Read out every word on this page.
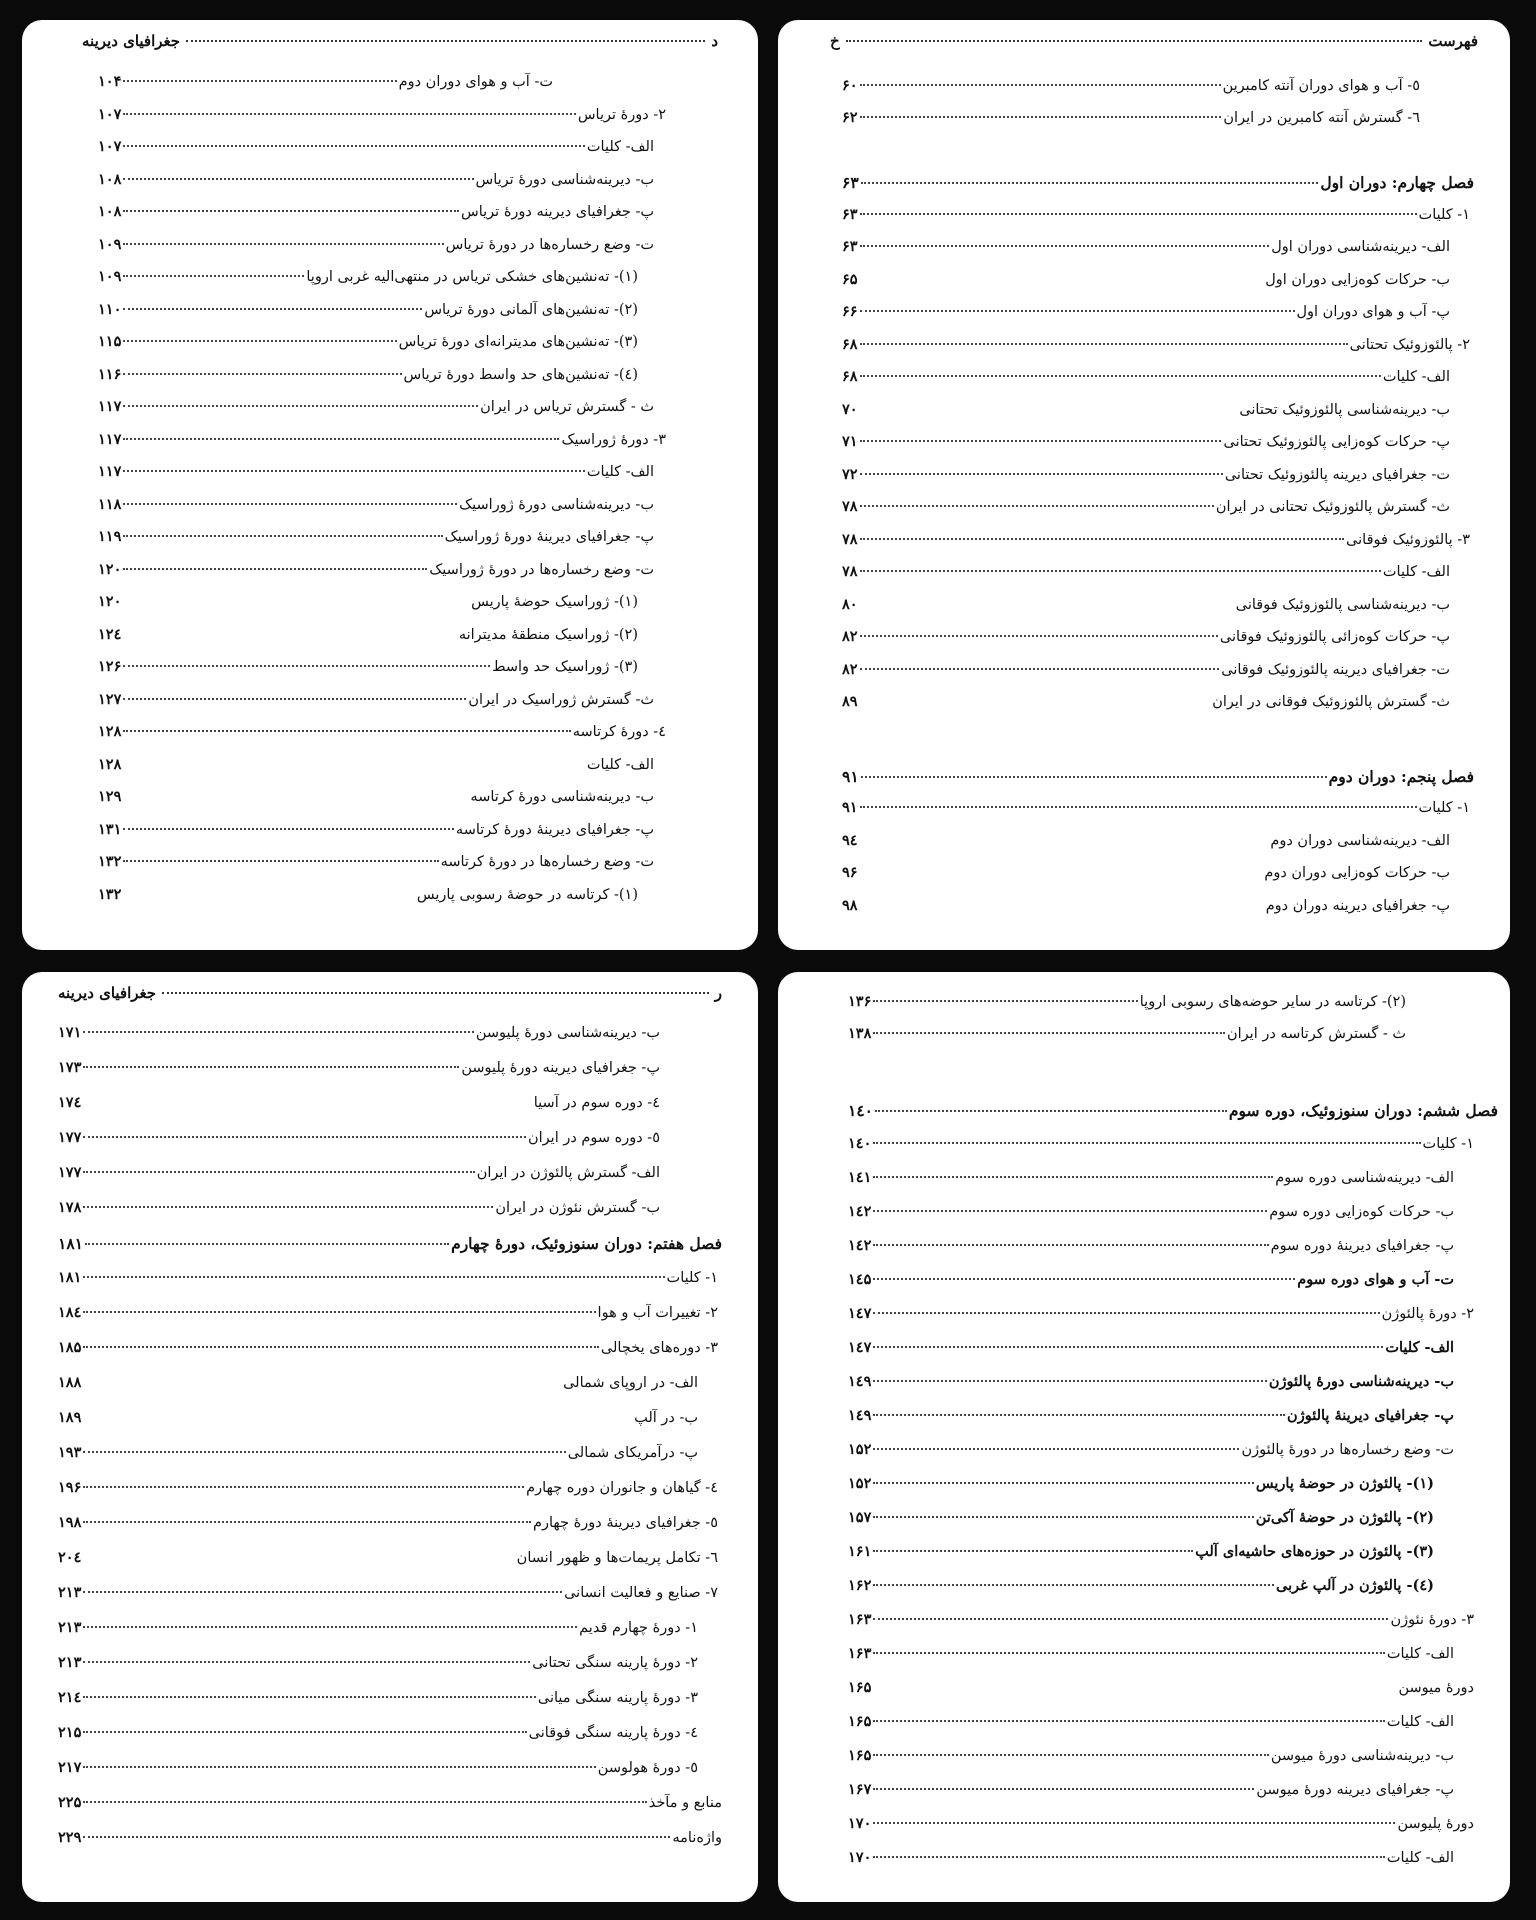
د
جغرافیای دیرینه
ت- آب و هوای دوران دوم
۱۰۴
۲- دورۀ تریاس
۱۰۷
الف- کلیات
۱۰۷
ب- دیرینه‌شناسی دورۀ تریاس
۱۰۸
پ- جغرافیای دیرینه دورۀ تریاس
۱۰۸
ت- وضع رخساره‌ها در دورۀ تریاس
۱۰۹
(۱)- ته‌نشین‌های خشکی تریاس در منتهی‌الیه غربی اروپا
۱۰۹
(۲)- ته‌نشین‌های آلمانی دورۀ تریاس
۱۱۰
(۳)- ته‌نشین‌های مدیترانه‌ای دورۀ تریاس
۱۱۵
(٤)- ته‌نشین‌های حد واسط دورۀ تریاس
۱۱۶
ث - گسترش تریاس در ایران
۱۱۷
۳- دورۀ ژوراسیک
۱۱۷
الف- کلیات
۱۱۷
ب- دیرینه‌شناسی دورۀ ژوراسیک
۱۱۸
پ- جغرافیای دیرینۀ دورۀ ژوراسیک
۱۱۹
ت- وضع رخساره‌ها در دورۀ ژوراسیک
۱۲۰
(۱)- ژوراسیک حوضۀ پاریس
۱۲۰
(۲)- ژوراسیک منطقۀ مدیترانه
۱۲٤
(۳)- ژوراسیک حد واسط
۱۲۶
ث- گسترش ژوراسیک در ایران
۱۲۷
٤- دورۀ کرتاسه
۱۲۸
الف- کلیات
۱۲۸
ب- دیرینه‌شناسی دورۀ کرتاسه
۱۲۹
پ- جغرافیای دیرینۀ دورۀ کرتاسه
۱۳۱
ت- وضع رخساره‌ها در دورۀ کرتاسه
۱۳۲
(۱)- کرتاسه در حوضۀ رسوبی پاریس
۱۳۲
فهرست
خ
٥- آب و هوای دوران آنته کامبرین
۶۰
٦- گسترش آنته کامبرین در ایران
۶۲
فصل چهارم: دوران اول
۶۳
۱- کلیات
۶۳
الف- دیرینه‌شناسی دوران اول
۶۳
ب- حرکات کوه‌زایی دوران اول
۶۵
پ- آب و هوای دوران اول
۶۶
۲- پالئوزوئیک تحتانی
۶۸
الف- کلیات
۶۸
ب- دیرینه‌شناسی پالئوزوئیک تحتانی
۷۰
پ- حرکات کوه‌زایی پالئوزوئیک تحتانی
۷۱
ت- جغرافیای دیرینه پالئوزوئیک تحتانی
۷۲
ث- گسترش پالئوزوئیک تحتانی در ایران
۷۸
۳- پالئوزوئیک فوقانی
۷۸
الف- کلیات
۷۸
ب- دیرینه‌شناسی پالئوزوئیک فوقانی
۸۰
پ- حرکات کوه‌زائی پالئوزوئیک فوقانی
۸۲
ت- جغرافیای دیرینه پالئوزوئیک فوقانی
۸۲
ث- گسترش پالئوزوئیک فوقانی در ایران
۸۹
فصل پنجم: دوران دوم
۹۱
۱- کلیات
۹۱
الف- دیرینه‌شناسی دوران دوم
۹٤
ب- حرکات کوه‌زایی دوران دوم
۹۶
پ- جغرافیای دیرینه دوران دوم
۹۸
ر
جغرافیای دیرینه
ب- دیرینه‌شناسی دورۀ پلیوسن
۱۷۱
پ- جغرافیای دیرینه دورۀ پلیوسن
۱۷۳
٤- دوره سوم در آسیا
۱۷٤
٥- دوره سوم در ایران
۱۷۷
الف- گسترش پالئوژن در ایران
۱۷۷
ب- گسترش نئوژن در ایران
۱۷۸
فصل هفتم: دوران سنوزوئیک، دورۀ چهارم
۱۸۱
۱- کلیات
۱۸۱
۲- تغییرات آب و هوا
۱۸٤
۳- دوره‌های یخچالی
۱۸۵
الف- در اروپای شمالی
۱۸۸
ب- در آلپ
۱۸۹
پ- درآمریکای شمالی
۱۹۳
٤- گیاهان و جانوران دوره چهارم
۱۹۶
٥- جغرافیای دیرینۀ دورۀ چهارم
۱۹۸
٦- تکامل پریمات‌ها و ظهور انسان
۲۰٤
۷- صنایع و فعالیت انسانی
۲۱۳
۱- دورۀ چهارم قدیم
۲۱۳
۲- دورۀ پارینه سنگی تحتانی
۲۱۳
۳- دورۀ پارینه سنگی میانی
۲۱٤
٤- دورۀ پارینه سنگی فوقانی
۲۱۵
٥- دورۀ هولوسن
۲۱۷
منابع و مآخذ
۲۲۵
واژه‌نامه
۲۲۹
(۲)- کرتاسه در سایر حوضه‌های رسوبی اروپا
۱۳۶
ث - گسترش کرتاسه در ایران
۱۳۸
فصل ششم: دوران سنوزوئیک، دوره سوم
۱٤۰
۱- کلیات
۱٤۰
الف- دیرینه‌شناسی دوره سوم
۱٤۱
ب- حرکات کوه‌زایی دوره سوم
۱٤۲
پ- جغرافیای دیرینۀ دوره سوم
۱٤۲
ت- آب و هوای دوره سوم
۱٤۵
۲- دورۀ پالئوژن
۱٤۷
الف- کلیات
۱٤۷
ب- دیرینه‌شناسی دورۀ پالئوژن
۱٤۹
پ- جغرافیای دیرینۀ پالئوژن
۱٤۹
ت- وضع رخساره‌ها در دورۀ پالئوژن
۱۵۲
(۱)- پالئوژن در حوضۀ پاریس
۱۵۲
(۲)- پالئوژن در حوضۀ آکی‌تن
۱۵۷
(۳)- پالئوژن در حوزه‌های حاشیه‌ای آلپ
۱۶۱
(٤)- پالئوژن در آلپ غربی
۱۶۲
۳- دورۀ نئوژن
۱۶۳
الف- کلیات
۱۶۳
دورۀ میوسن
۱۶۵
الف- کلیات
۱۶۵
ب- دیرینه‌شناسی دورۀ میوسن
۱۶۵
پ- جغرافیای دیرینه دورۀ میوسن
۱۶۷
دورۀ پلیوسن
۱۷۰
الف- کلیات
۱۷۰
